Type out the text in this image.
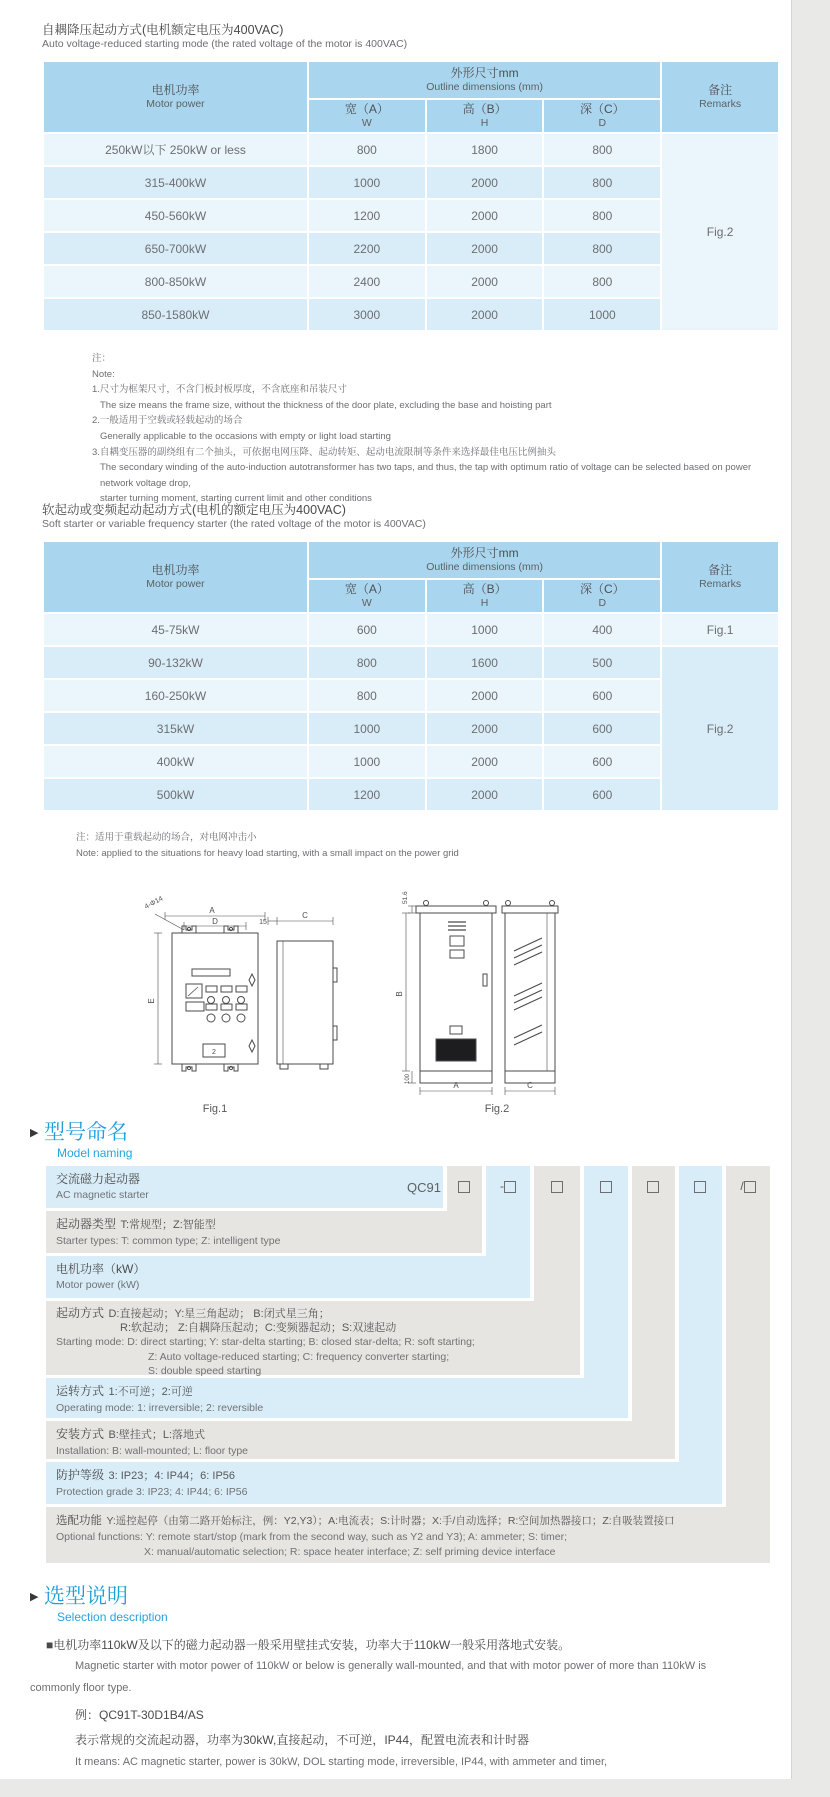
自耦降压起动方式(电机额定电压为400VAC)
Auto voltage-reduced starting mode (the rated voltage of the motor is 400VAC)
电机功率
Motor power

外形尺寸mm
Outline dimensions (mm)	备注
Remarks

宽（A）
W

高（B）
H

深（C）
D

250kW以下 250kW or less	800	1800	800	Fig.2
315-400kW	1000	2000	800	
450-560kW	1200	2000	800	
650-700kW	2200	2000	800	
800-850kW	2400	2000	800	
850-1580kW	3000	2000	1000	
注：
Note:
1.尺寸为框架尺寸，不含门板封板厚度，不含底座和吊装尺寸
The size means the frame size, without the thickness of the door plate, excluding the base and hoisting part
2.一般适用于空载或轻载起动的场合
Generally applicable to the occasions with empty or light load starting
3.自耦变压器的副绕组有二个抽头，可依据电网压降、起动转矩、起动电流限制等条件来选择最佳电压比例抽头
The secondary winding of the auto-induction autotransformer has two taps, and thus, the tap with optimum ratio of voltage can be selected based on power network voltage drop,
starter turning moment, starting current limit and other conditions
软起动或变频起动起动方式(电机的额定电压为400VAC)
Soft starter or variable frequency starter (the rated voltage of the motor is 400VAC)
电机功率
Motor power

外形尺寸mm
Outline dimensions (mm)	备注
Remarks

宽（A）
W

高（B）
H

深（C）
D

45-75kW	600	1000	400	Fig.1
90-132kW	800	1600	500	Fig.2
160-250kW	800	2000	600	
315kW	1000	2000	600	
400kW	1000	2000	600	
500kW	1200	2000	600	
注：适用于重载起动的场合，对电网冲击小
Note: applied to the situations for heavy load starting, with a small impact on the power grid
A
D
4-Φ14
E
15
C
2
51.6
B
100
A	C
Fig.1	Fig.2
▶ 型号命名
Model naming
交流磁力起动器
AC magnetic starter
起动器类型 T:常规型；Z:智能型
Starter types: T: common type; Z: intelligent type
电机功率（kW）
Motor power (kW)
起动方式 D:直接起动；Y:星三角起动； B:闭式星三角；
R:软起动； Z:自耦降压起动；C:变频器起动；S:双速起动
Starting mode: D: direct starting; Y: star-delta starting; B: closed star-delta; R: soft starting;
Z: Auto voltage-reduced starting; C: frequency converter starting;
S: double speed starting
运转方式 1:不可逆；2:可逆
Operating mode: 1: irreversible; 2: reversible
安装方式 B:壁挂式；L:落地式
Installation: B: wall-mounted; L: floor type
防护等级 3: IP23；4: IP44；6: IP56
Protection grade 3: IP23; 4: IP44; 6: IP56
选配功能 Y:遥控起停（由第二路开始标注，例：Y2,Y3）；A:电流表；S:计时器；X:手/自动选择；R:空间加热器接口；Z:自吸装置接口
Optional functions: Y: remote start/stop (mark from the second way, such as Y2 and Y3); A: ammeter; S: timer;
X: manual/automatic selection; R: space heater interface; Z: self priming device interface
QC91	-	/
▶ 选型说明
Selection description
■电机功率110kW及以下的磁力起动器一般采用壁挂式安装，功率大于110kW一般采用落地式安装。
Magnetic starter with motor power of 110kW or below is generally wall-mounted, and that with motor power of more than 110kW is
commonly floor type.
例：QC91T-30D1B4/AS
表示常规的交流起动器，功率为30kW,直接起动，不可逆，IP44，配置电流表和计时器
It means: AC magnetic starter, power is 30kW, DOL starting mode, irreversible, IP44, with ammeter and timer,
